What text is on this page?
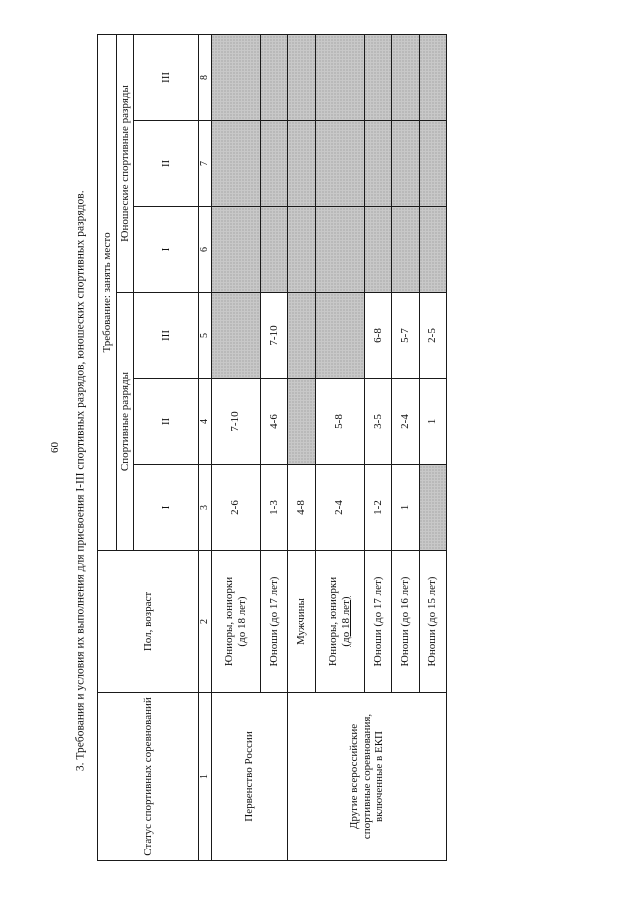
60 3. Требования и условия их выполнения для присвоения I-III спортивных разрядов, юношеских спортивных разрядов.
Статус спортивных соревнований	Пол, возраст	Требование: занять место					
		Спортивные разряды			Юношеские спортивные разряды		
		I	II	III	I	II	III
1	2	3	4	5	6	7	8
Первенство России	Юниоры, юниорки (до 18 лет)	2-6	7-10				

	Юноши (до 17 лет)	1-3	4-6	7-10			
Другие всероссийские спортивные соревнования, включенные в ЕКП	Мужчины	4-8					

	Юниоры, юниорки (до 18 лет)	2-4	5-8				

	Юноши (до 17 лет)	1-2	3-5	6-8			

	Юноши (до 16 лет)	1	2-4	5-7			

	Юноши (до 15 лет)		1	2-5			
